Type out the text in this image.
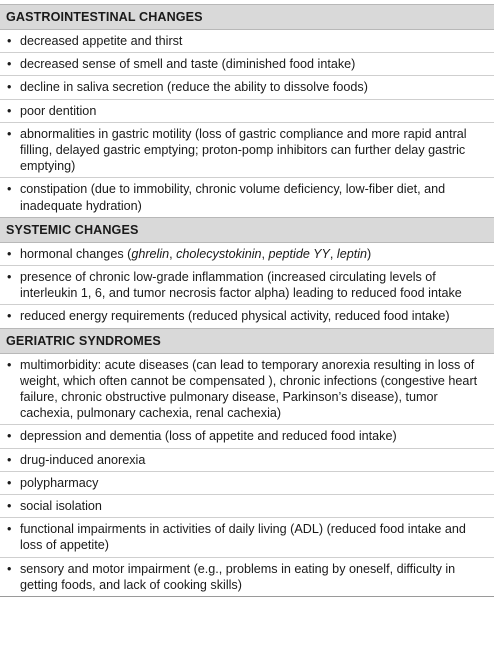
GASTROINTESTINAL CHANGES
• decreased appetite and thirst
• decreased sense of smell and taste (diminished food intake)
• decline in saliva secretion (reduce the ability to dissolve foods)
• poor dentition
• abnormalities in gastric motility (loss of gastric compliance and more rapid antral filling, delayed gastric emptying; proton-pomp inhibitors can further delay gastric emptying)
• constipation (due to immobility, chronic volume deficiency, low-fiber diet, and inadequate hydration)
SYSTEMIC CHANGES
• hormonal changes (ghrelin, cholecystokinin, peptide YY, leptin)
• presence of chronic low-grade inflammation (increased circulating levels of interleukin 1, 6, and tumor necrosis factor alpha) leading to reduced food intake
• reduced energy requirements (reduced physical activity, reduced food intake)
GERIATRIC SYNDROMES
• multimorbidity: acute diseases (can lead to temporary anorexia resulting in loss of weight, which often cannot be compensated ), chronic infections (congestive heart failure, chronic obstructive pulmonary disease, Parkinson’s disease), tumor cachexia, pulmonary cachexia, renal cachexia)
• depression and dementia (loss of appetite and reduced food intake)
• drug-induced anorexia
• polypharmacy
• social isolation
• functional impairments in activities of daily living (ADL) (reduced food intake and loss of appetite)
• sensory and motor impairment (e.g., problems in eating by oneself, difficulty in getting foods, and lack of cooking skills)
